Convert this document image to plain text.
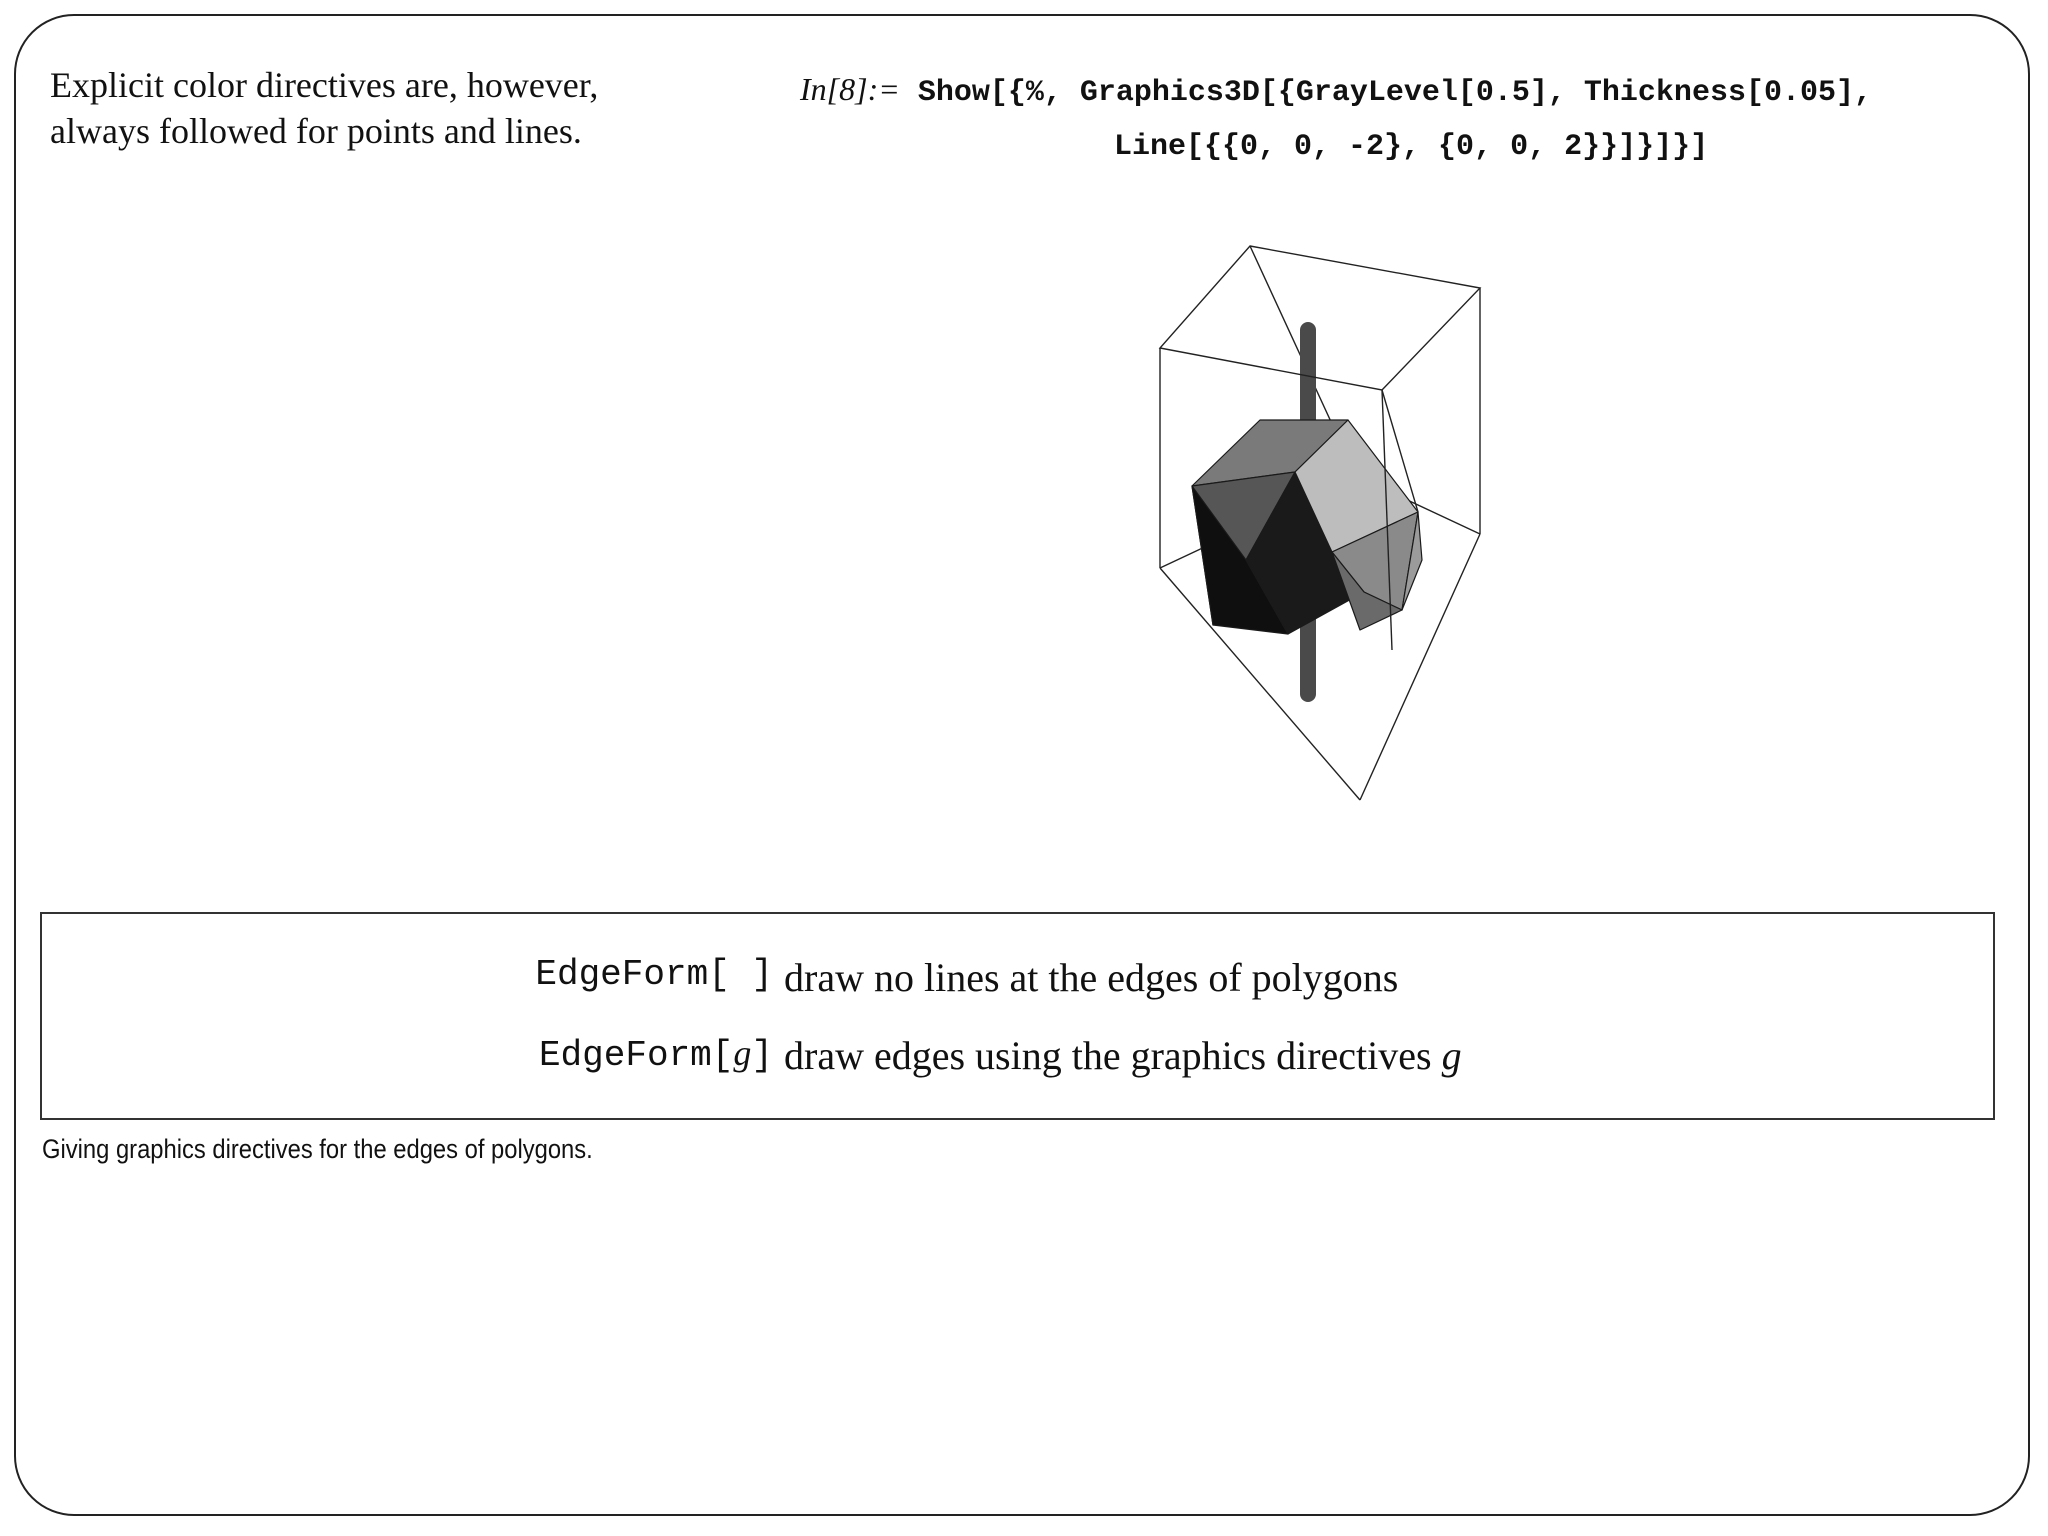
Explicit color directives are, however,
always followed for points and lines.
In[8]:= Show[{%, Graphics3D[{GrayLevel[0.5], Thickness[0.05],
Line[{{0, 0, -2}, {0, 0, 2}}]}]}]
EdgeForm[ ] draw no lines at the edges of polygons
EdgeForm[g] draw edges using the graphics directives g
Giving graphics directives for the edges of polygons.
